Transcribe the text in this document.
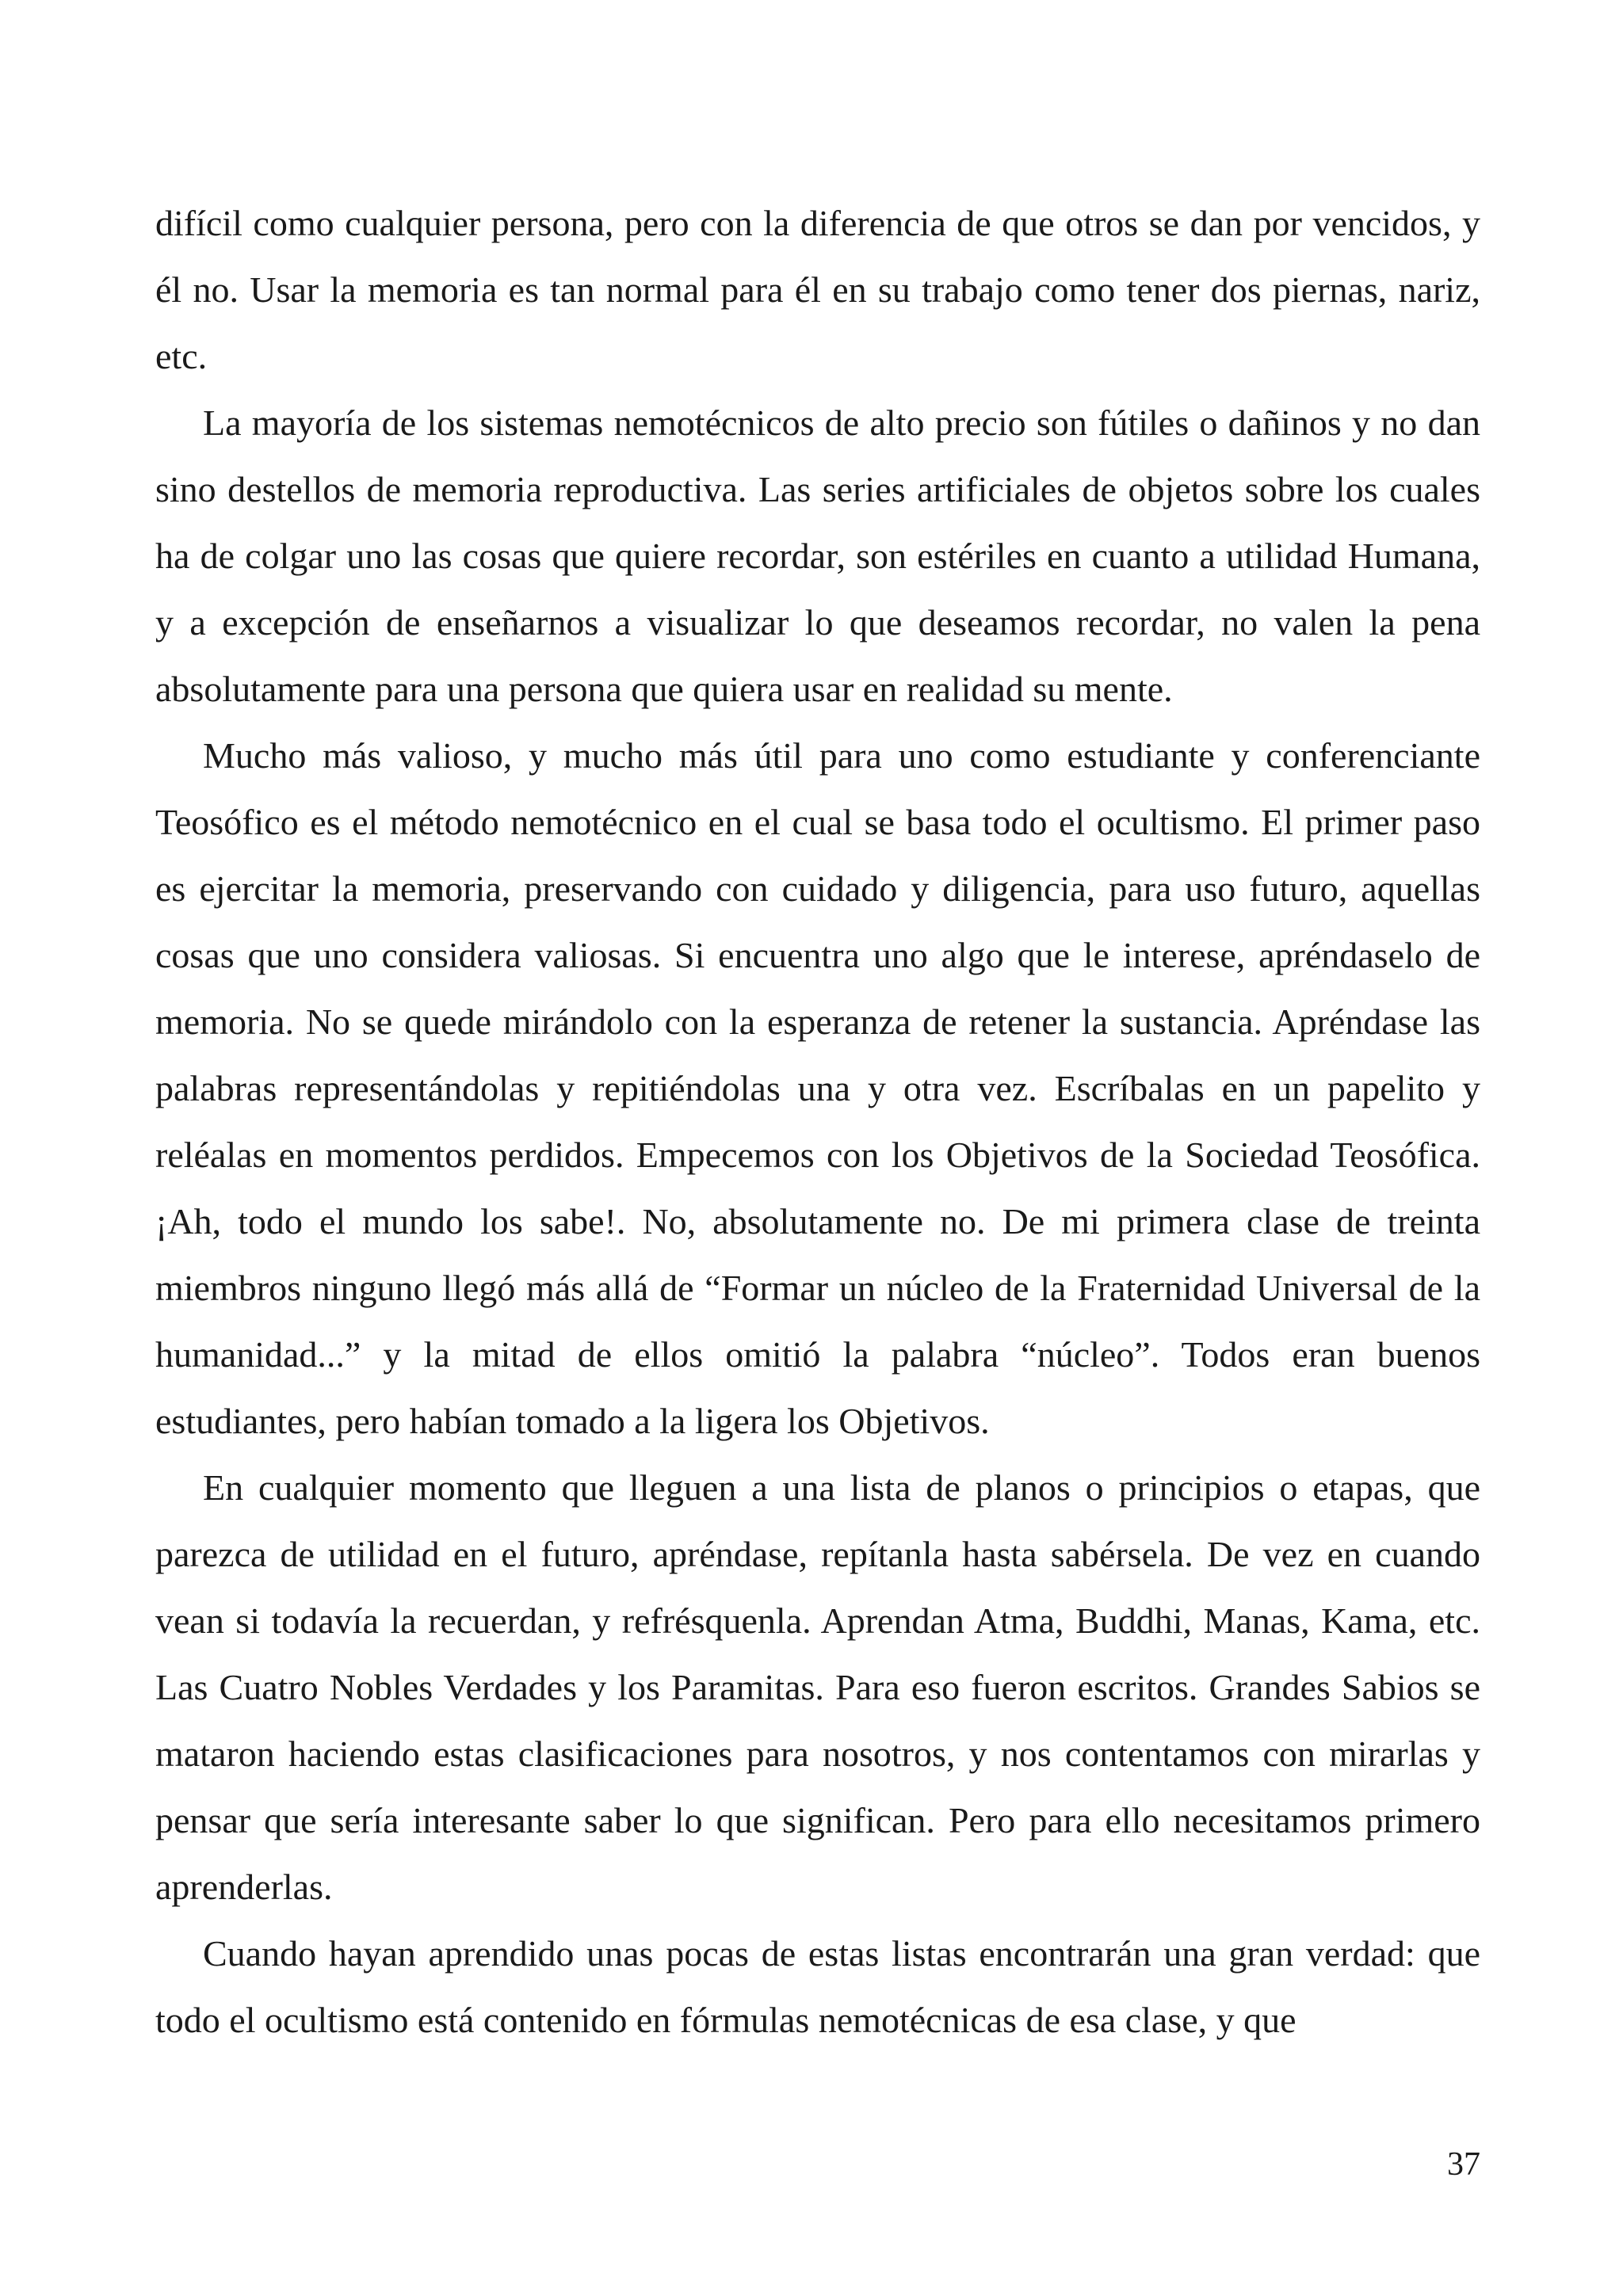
difícil como cualquier persona, pero con la diferencia de que otros se dan por vencidos, y él no. Usar la memoria es tan normal para él en su trabajo como tener dos piernas, nariz, etc.

La mayoría de los sistemas nemotécnicos de alto precio son fútiles o dañinos y no dan sino destellos de memoria reproductiva. Las series artificiales de objetos sobre los cuales ha de colgar uno las cosas que quiere recordar, son estériles en cuanto a utilidad Humana, y a excepción de enseñarnos a visualizar lo que deseamos recordar, no valen la pena absolutamente para una persona que quiera usar en realidad su mente.

Mucho más valioso, y mucho más útil para uno como estudiante y conferenciante Teosófico es el método nemotécnico en el cual se basa todo el ocultismo. El primer paso es ejercitar la memoria, preservando con cuidado y diligencia, para uso futuro, aquellas cosas que uno considera valiosas. Si encuentra uno algo que le interese, apréndaselo de memoria. No se quede mirándolo con la esperanza de retener la sustancia. Apréndase las palabras representándolas y repitiéndolas una y otra vez. Escríbalas en un papelito y reléalas en momentos perdidos. Empecemos con los Objetivos de la Sociedad Teosófica. ¡Ah, todo el mundo los sabe!. No, absolutamente no. De mi primera clase de treinta miembros ninguno llegó más allá de “Formar un núcleo de la Fraternidad Universal de la humanidad...” y la mitad de ellos omitió la palabra “núcleo”. Todos eran buenos estudiantes, pero habían tomado a la ligera los Objetivos.

En cualquier momento que lleguen a una lista de planos o principios o etapas, que parezca de utilidad en el futuro, apréndase, repítanla hasta sabérsela. De vez en cuando vean si todavía la recuerdan, y refrésquenla. Aprendan Atma, Buddhi, Manas, Kama, etc. Las Cuatro Nobles Verdades y los Paramitas. Para eso fueron escritos. Grandes Sabios se mataron haciendo estas clasificaciones para nosotros, y nos contentamos con mirarlas y pensar que sería interesante saber lo que significan. Pero para ello necesitamos primero aprenderlas.

Cuando hayan aprendido unas pocas de estas listas encontrarán una gran verdad: que todo el ocultismo está contenido en fórmulas nemotécnicas de esa clase, y que

37
